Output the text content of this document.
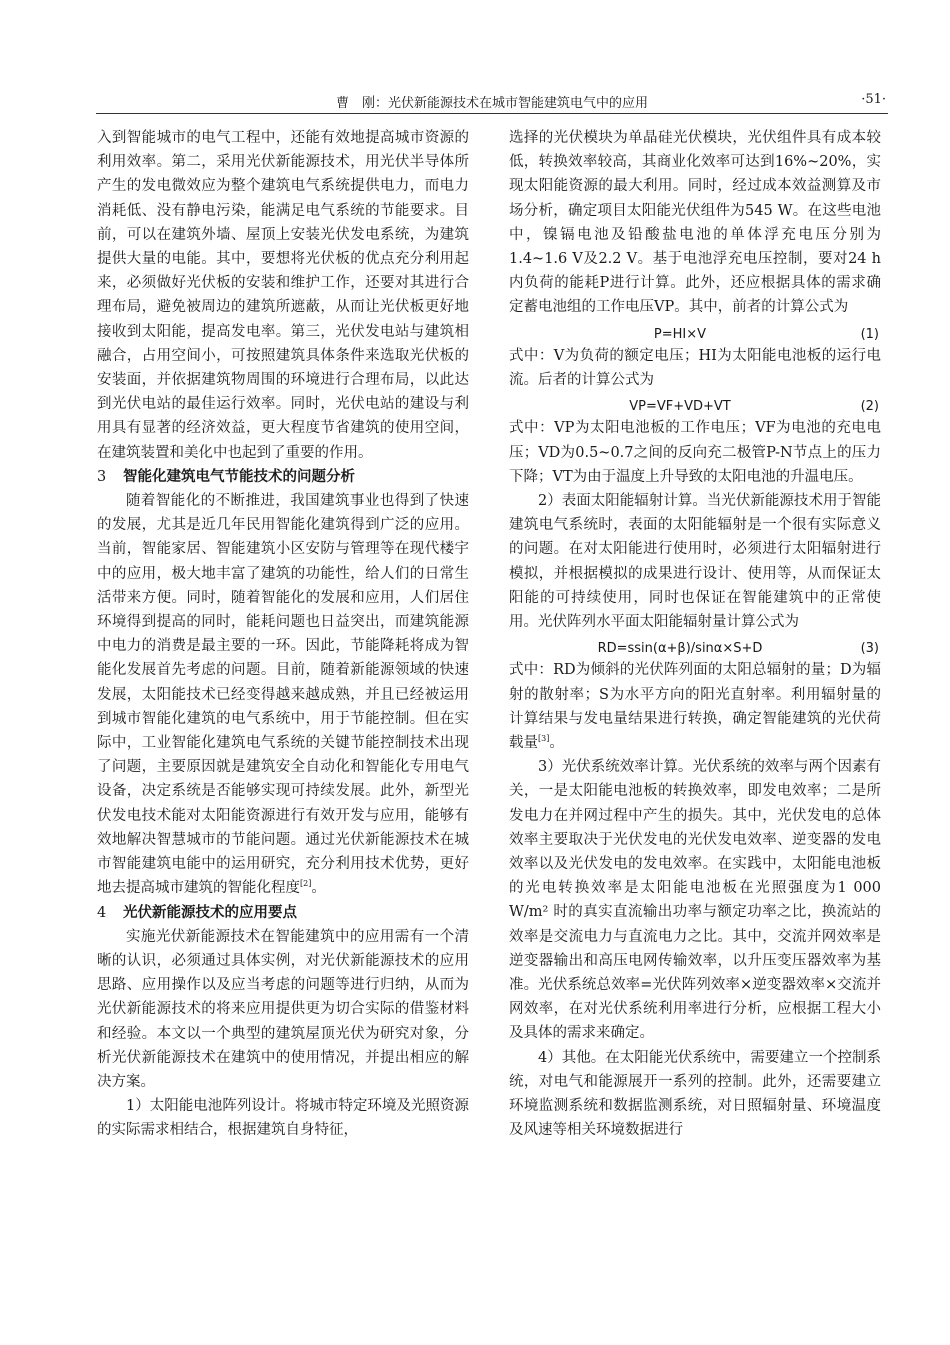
曹　刚：光伏新能源技术在城市智能建筑电气中的应用	·51·

入到智能城市的电气工程中，还能有效地提高城市资源的利用效率。第二，采用光伏新能源技术，用光伏半导体所产生的发电微效应为整个建筑电气系统提供电力，而电力消耗低、没有静电污染，能满足电气系统的节能要求。目前，可以在建筑外墙、屋顶上安装光伏发电系统，为建筑提供大量的电能。其中，要想将光伏板的优点充分利用起来，必须做好光伏板的安装和维护工作，还要对其进行合理布局，避免被周边的建筑所遮蔽，从而让光伏板更好地接收到太阳能，提高发电率。第三，光伏发电站与建筑相融合，占用空间小，可按照建筑具体条件来选取光伏板的安装面，并依据建筑物周围的环境进行合理布局，以此达到光伏电站的最佳运行效率。同时，光伏电站的建设与利用具有显著的经济效益，更大程度节省建筑的使用空间，在建筑装置和美化中也起到了重要的作用。

3 智能化建筑电气节能技术的问题分析

随着智能化的不断推进，我国建筑事业也得到了快速的发展，尤其是近几年民用智能化建筑得到广泛的应用。当前，智能家居、智能建筑小区安防与管理等在现代楼宇中的应用，极大地丰富了建筑的功能性，给人们的日常生活带来方便。同时，随着智能化的发展和应用，人们居住环境得到提高的同时，能耗问题也日益突出，而建筑能源中电力的消费是最主要的一环。因此，节能降耗将成为智能化发展首先考虑的问题。目前，随着新能源领域的快速发展，太阳能技术已经变得越来越成熟，并且已经被运用到城市智能化建筑的电气系统中，用于节能控制。但在实际中，工业智能化建筑电气系统的关键节能控制技术出现了问题，主要原因就是建筑安全自动化和智能化专用电气设备，决定系统是否能够实现可持续发展。此外，新型光伏发电技术能对太阳能资源进行有效开发与应用，能够有效地解决智慧城市的节能问题。通过光伏新能源技术在城市智能建筑电能中的运用研究，充分利用技术优势，更好地去提高城市建筑的智能化程度[2]。

4 光伏新能源技术的应用要点

实施光伏新能源技术在智能建筑中的应用需有一个清晰的认识，必须通过具体实例，对光伏新能源技术的应用思路、应用操作以及应当考虑的问题等进行归纳，从而为光伏新能源技术的将来应用提供更为切合实际的借鉴材料和经验。本文以一个典型的建筑屋顶光伏为研究对象，分析光伏新能源技术在建筑中的使用情况，并提出相应的解决方案。

1）太阳能电池阵列设计。将城市特定环境及光照资源的实际需求相结合，根据建筑自身特征，

选择的光伏模块为单晶硅光伏模块，光伏组件具有成本较低，转换效率较高，其商业化效率可达到16%~20%，实现太阳能资源的最大利用。同时，经过成本效益测算及市场分析，确定项目太阳能光伏组件为545 W。在这些电池中，镍镉电池及铅酸盐电池的单体浮充电压分别为1.4~1.6 V及2.2 V。基于电池浮充电压控制，要对24 h内负荷的能耗P进行计算。此外，还应根据具体的需求确定蓄电池组的工作电压VP。其中，前者的计算公式为

P=HI×V	(1)

式中：V为负荷的额定电压；HI为太阳能电池板的运行电流。后者的计算公式为

VP=VF+VD+VT	(2)

式中：VP为太阳电池板的工作电压；VF为电池的充电电压；VD为0.5~0.7之间的反向充二极管P-N节点上的压力下降；VT为由于温度上升导致的太阳电池的升温电压。

2）表面太阳能辐射计算。当光伏新能源技术用于智能建筑电气系统时，表面的太阳能辐射是一个很有实际意义的问题。在对太阳能进行使用时，必须进行太阳辐射进行模拟，并根据模拟的成果进行设计、使用等，从而保证太阳能的可持续使用，同时也保证在智能建筑中的正常使用。光伏阵列水平面太阳能辐射量计算公式为

RD=ssin(α+β)/sinα×S+D	(3)

式中：RD为倾斜的光伏阵列面的太阳总辐射的量；D为辐射的散射率；S为水平方向的阳光直射率。利用辐射量的计算结果与发电量结果进行转换，确定智能建筑的光伏荷载量[3]。

3）光伏系统效率计算。光伏系统的效率与两个因素有关，一是太阳能电池板的转换效率，即发电效率；二是所发电力在并网过程中产生的损失。其中，光伏发电的总体效率主要取决于光伏发电的光伏发电效率、逆变器的发电效率以及光伏发电的发电效率。在实践中，太阳能电池板的光电转换效率是太阳能电池板在光照强度为1 000 W/m² 时的真实直流输出功率与额定功率之比，换流站的效率是交流电力与直流电力之比。其中，交流并网效率是逆变器输出和高压电网传输效率，以升压变压器效率为基准。光伏系统总效率=光伏阵列效率×逆变器效率×交流并网效率，在对光伏系统利用率进行分析，应根据工程大小及具体的需求来确定。

4）其他。在太阳能光伏系统中，需要建立一个控制系统，对电气和能源展开一系列的控制。此外，还需要建立环境监测系统和数据监测系统，对日照辐射量、环境温度及风速等相关环境数据进行
